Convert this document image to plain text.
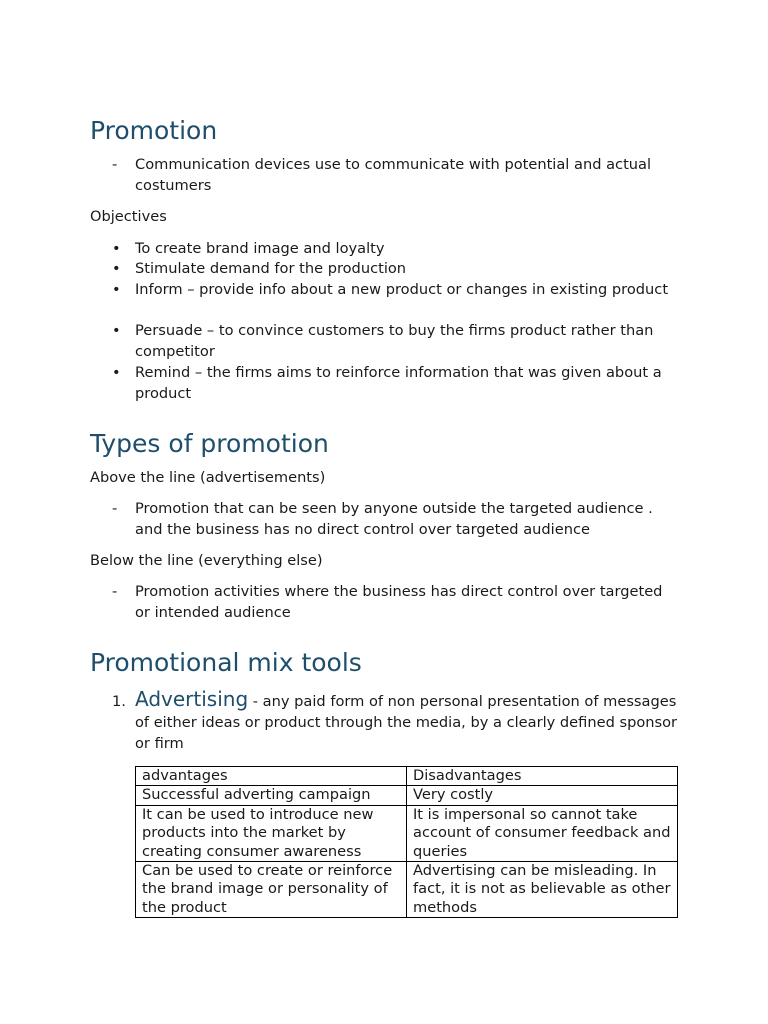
Promotion
- Communication devices use to communicate with potential and actual costumers
Objectives
• To create brand image and loyalty
• Stimulate demand for the production
• Inform – provide info about a new product or changes in existing product
• Persuade – to convince customers to buy the firms product rather than competitor
• Remind – the firms aims to reinforce information that was given about a product
Types of promotion
Above the line (advertisements)
- Promotion that can be seen by anyone outside the targeted audience . and the business has no direct control over targeted audience
Below the line (everything else)
- Promotion activities where the business has direct control over targeted or intended audience
Promotional mix tools
1. Advertising - any paid form of non personal presentation of messages of either ideas or product through the media, by a clearly defined sponsor or firm
advantages	Disadvantages
Successful adverting campaign	Very costly
It can be used to introduce new products into the market by creating consumer awareness	It is impersonal so cannot take account of consumer feedback and queries
Can be used to create or reinforce the brand image or personality of the product	Advertising can be misleading. In fact, it is not as believable as other methods
